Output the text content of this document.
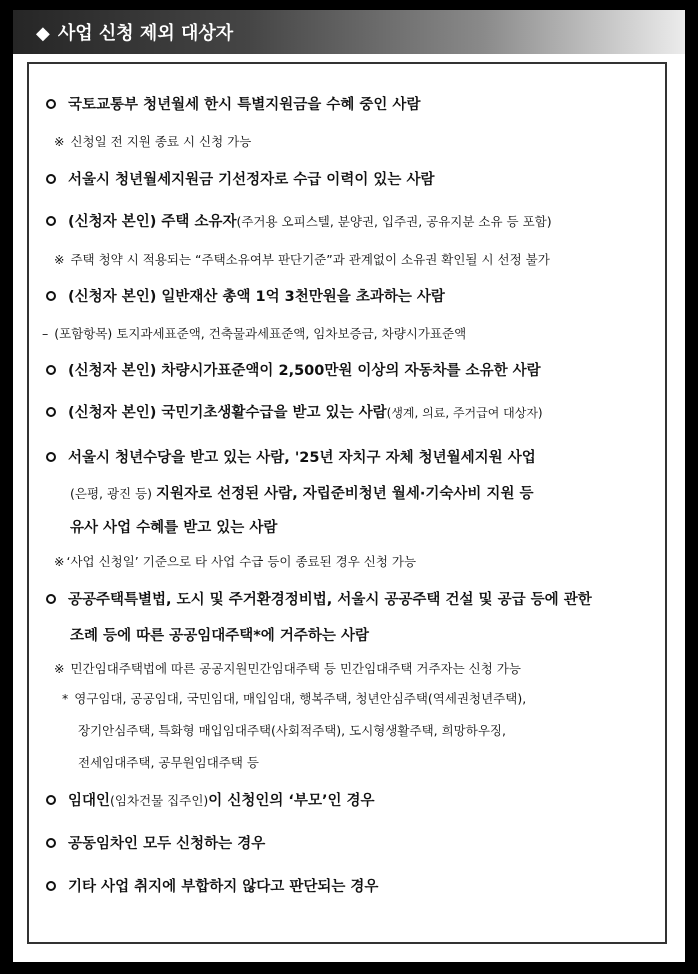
◆ 사업 신청 제외 대상자
국토교통부 청년월세 한시 특별지원금을 수혜 중인 사람
※ 신청일 전 지원 종료 시 신청 가능
서울시 청년월세지원금 기선정자로 수급 이력이 있는 사람
(신청자 본인) 주택 소유자(주거용 오피스텔, 분양권, 입주권, 공유지분 소유 등 포함)
※ 주택 청약 시 적용되는 “주택소유여부 판단기준”과 관계없이 소유권 확인될 시 선정 불가
(신청자 본인) 일반재산 총액 1억 3천만원을 초과하는 사람
– (포함항목) 토지과세표준액, 건축물과세표준액, 임차보증금, 차량시가표준액
(신청자 본인) 차량시가표준액이 2,500만원 이상의 자동차를 소유한 사람
(신청자 본인) 국민기초생활수급을 받고 있는 사람(생계, 의료, 주거급여 대상자)
서울시 청년수당을 받고 있는 사람, '25년 자치구 자체 청년월세지원 사업
(은평, 광진 등) 지원자로 선정된 사람, 자립준비청년 월세·기숙사비 지원 등
유사 사업 수혜를 받고 있는 사람
※ ‘사업 신청일’ 기준으로 타 사업 수급 등이 종료된 경우 신청 가능
공공주택특별법, 도시 및 주거환경정비법, 서울시 공공주택 건설 및 공급 등에 관한
조례 등에 따른 공공임대주택*에 거주하는 사람
※ 민간임대주택법에 따른 공공지원민간임대주택 등 민간임대주택 거주자는 신청 가능
* 영구임대, 공공임대, 국민임대, 매입임대, 행복주택, 청년안심주택(역세권청년주택),
장기안심주택, 특화형 매입임대주택(사회적주택), 도시형생활주택, 희망하우징,
전세임대주택, 공무원임대주택 등
임대인(임차건물 집주인)이 신청인의 ‘부모’인 경우
공동임차인 모두 신청하는 경우
기타 사업 취지에 부합하지 않다고 판단되는 경우
